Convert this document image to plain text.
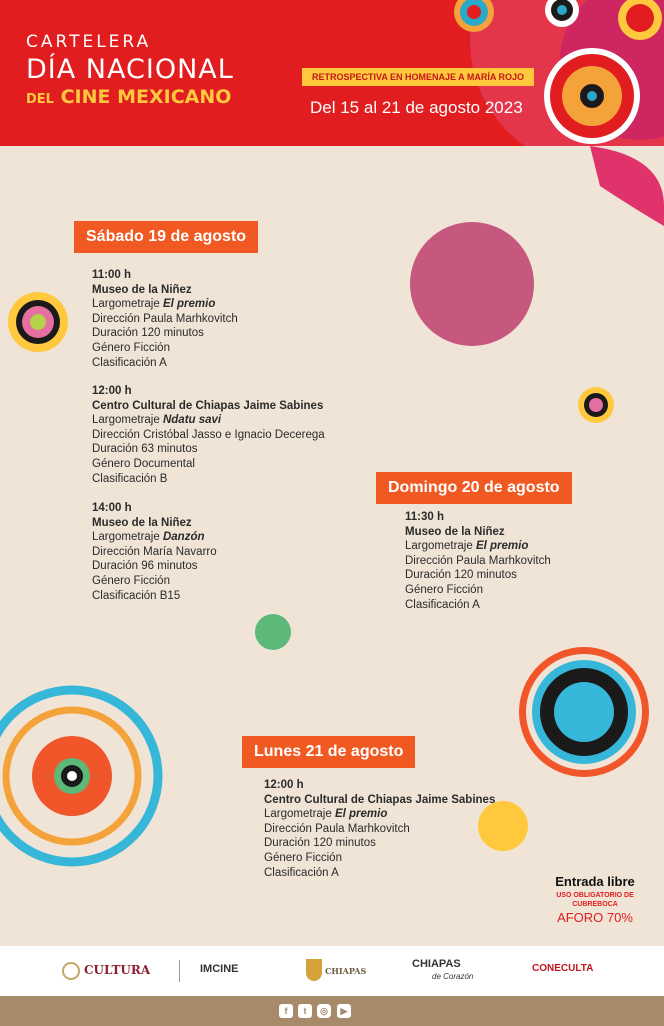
CARTELERA
DÍA NACIONAL
DEL CINE MEXICANO
RETROSPECTIVA EN HOMENAJE A MARÍA ROJO
Del 15 al 21 de agosto 2023
Sábado 19 de agosto
11:00 h
Museo de la Niñez
Largometraje El premio
Dirección Paula Marhkovitch
Duración 120 minutos
Género Ficción
Clasificación A
12:00 h
Centro Cultural de Chiapas Jaime Sabines
Largometraje Ndatu savi
Dirección Cristóbal Jasso e Ignacio Decerega
Duración 63 minutos
Género Documental
Clasificación B
14:00 h
Museo de la Niñez
Largometraje Danzón
Dirección María Navarro
Duración 96 minutos
Género Ficción
Clasificación B15
Domingo 20 de agosto
11:30 h
Museo de la Niñez
Largometraje El premio
Dirección Paula Marhkovitch
Duración 120 minutos
Género Ficción
Clasificación A
Lunes 21 de agosto
12:00 h
Centro Cultural de Chiapas Jaime Sabines
Largometraje El premio
Dirección Paula Marhkovitch
Duración 120 minutos
Género Ficción
Clasificación A
Entrada libre
USO OBLIGATORIO DE
CUBREBOCA
AFORO 70%
CULTURA	IMCINE	CHIAPAS
CHIAPAS
de Corazón
CONECULTA
f	t	◎	▶
